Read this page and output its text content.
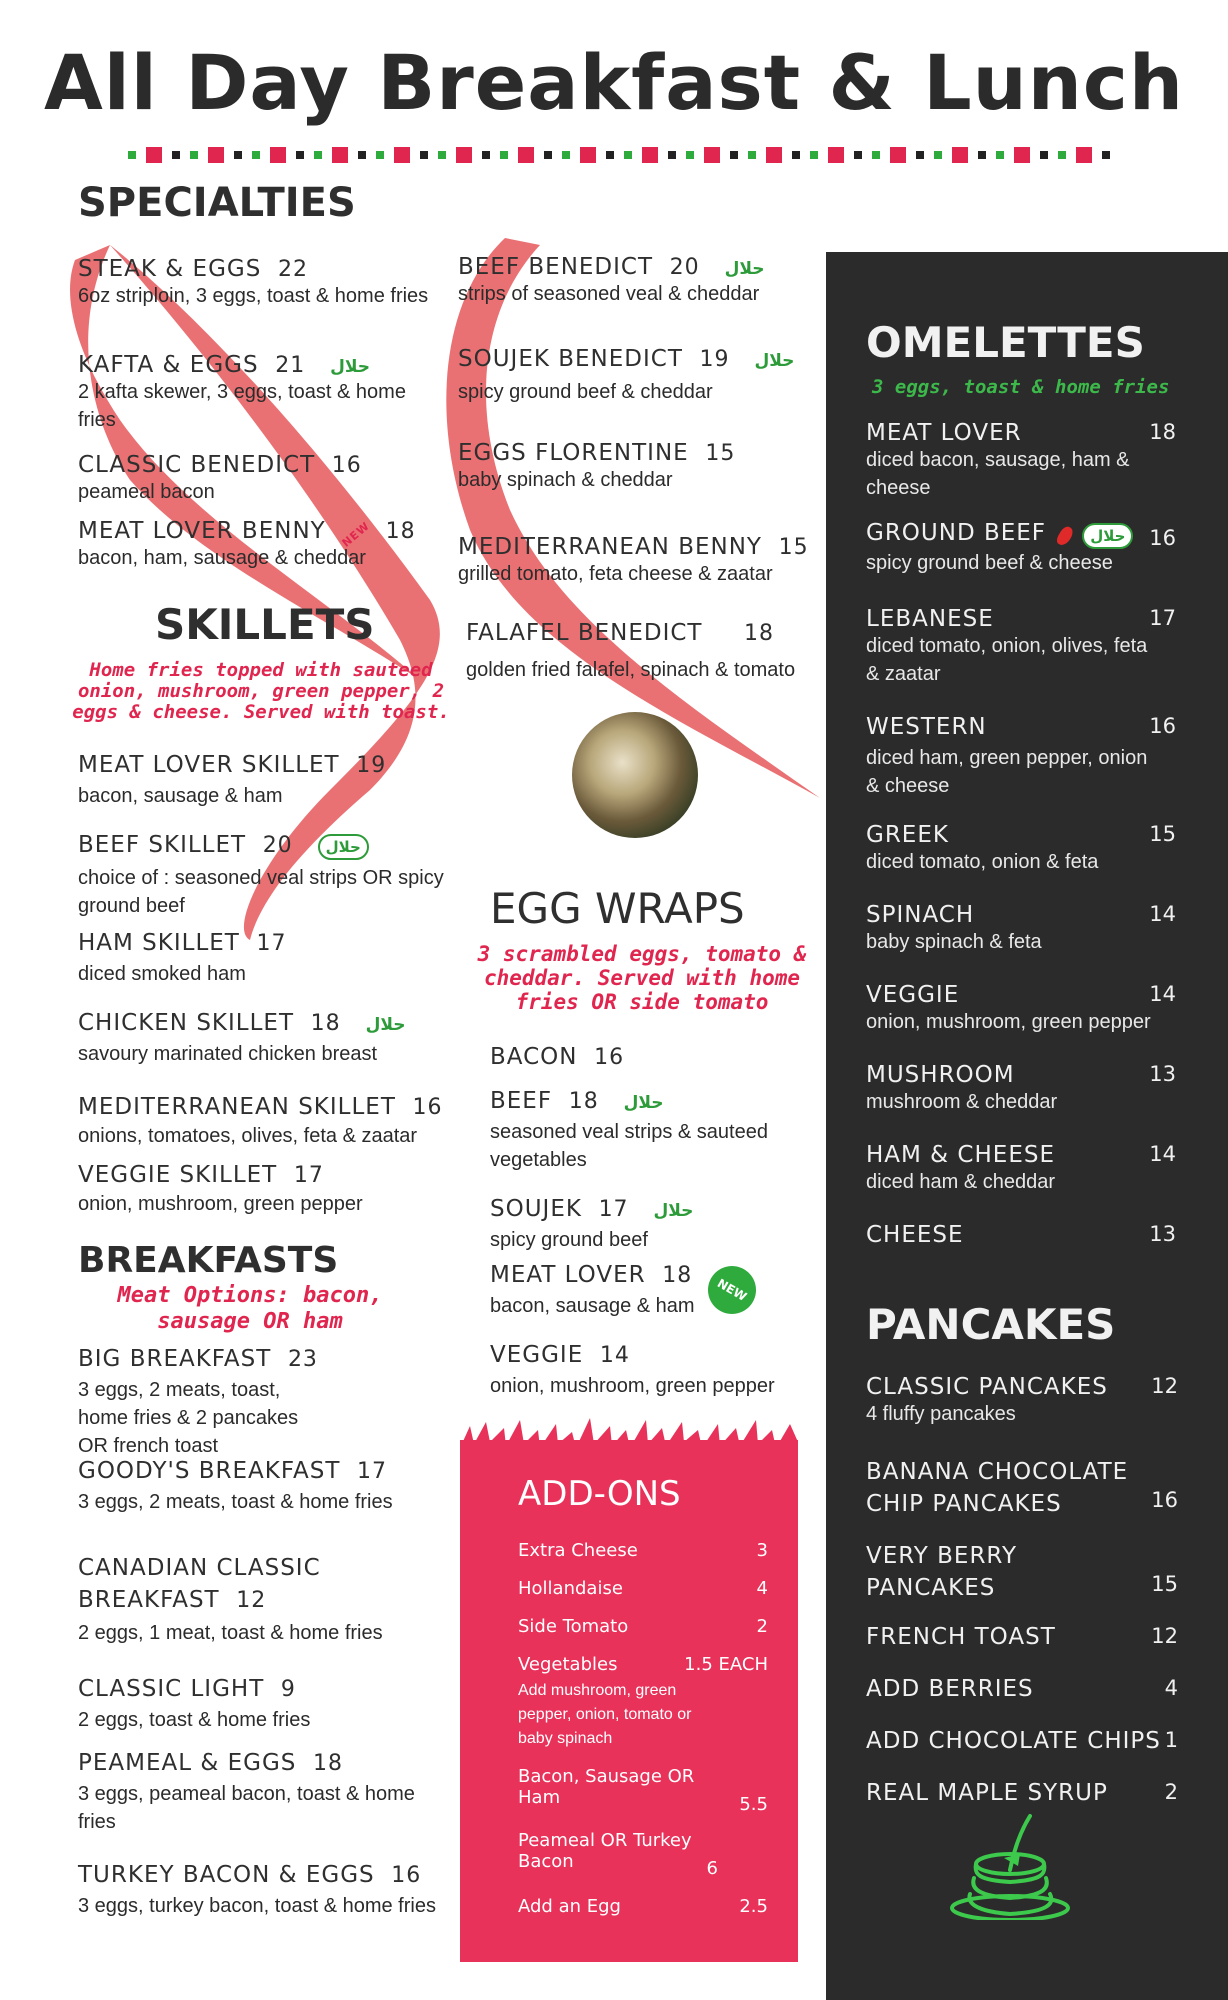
All Day Breakfast & Lunch
SPECIALTIES
STEAK & EGGS 22
6oz striploin, 3 eggs, toast & home fries
KAFTA & EGGS 21 حلال
2 kafta skewer, 3 eggs, toast & home fries
CLASSIC BENEDICT 16
peameal bacon
MEAT LOVER BENNY NEW 18
bacon, ham, sausage & cheddar
BEEF BENEDICT 20 حلال
strips of seasoned veal & cheddar
SOUJEK BENEDICT 19 حلال
spicy ground beef & cheddar
EGGS FLORENTINE 15
baby spinach & cheddar
MEDITERRANEAN BENNY 15
grilled tomato, feta cheese & zaatar
FALAFEL BENEDICT 18
golden fried falafel, spinach & tomato
SKILLETS
Home fries topped with sauteed onion, mushroom, green pepper, 2 eggs & cheese. Served with toast.
MEAT LOVER SKILLET 19
bacon, sausage & ham
BEEF SKILLET 20 حلال
choice of : seasoned veal strips OR spicy ground beef
HAM SKILLET 17
diced smoked ham
CHICKEN SKILLET 18 حلال
savoury marinated chicken breast
MEDITERRANEAN SKILLET 16
onions, tomatoes, olives, feta & zaatar
VEGGIE SKILLET 17
onion, mushroom, green pepper
BREAKFASTS
Meat Options: bacon, sausage OR ham
BIG BREAKFAST 23
3 eggs, 2 meats, toast, home fries & 2 pancakes OR french toast
GOODY'S BREAKFAST 17
3 eggs, 2 meats, toast & home fries
CANADIAN CLASSIC BREAKFAST 12
2 eggs, 1 meat, toast & home fries
CLASSIC LIGHT 9
2 eggs, toast & home fries
PEAMEAL & EGGS 18
3 eggs, peameal bacon, toast & home fries
TURKEY BACON & EGGS 16
3 eggs, turkey bacon, toast & home fries
EGG WRAPS
3 scrambled eggs, tomato & cheddar. Served with home fries OR side tomato
BACON 16
BEEF 18 حلال
seasoned veal strips & sauteed vegetables
SOUJEK 17 حلال
spicy ground beef
MEAT LOVER 18
bacon, sausage & ham
NEW
VEGGIE 14
onion, mushroom, green pepper
ADD-ONS
Extra Cheese	3
Hollandaise	4
Side Tomato	2
Vegetables	1.5 EACH
Add mushroom, green pepper, onion, tomato or baby spinach
Bacon, Sausage OR Ham	5.5
Peameal OR Turkey Bacon	6
Add an Egg	2.5
OMELETTES
3 eggs, toast & home fries
MEAT LOVER	18
diced bacon, sausage, ham & cheese
GROUND BEEF	حلال 16
spicy ground beef & cheese
LEBANESE	17
diced tomato, onion, olives, feta & zaatar
WESTERN	16
diced ham, green pepper, onion & cheese
GREEK	15
diced tomato, onion & feta
SPINACH	14
baby spinach & feta
VEGGIE	14
onion, mushroom, green pepper
MUSHROOM	13
mushroom & cheddar
HAM & CHEESE	14
diced ham & cheddar
CHEESE	13
PANCAKES
CLASSIC PANCAKES 12
4 fluffy pancakes
BANANA CHOCOLATE CHIP PANCAKES	16
VERY BERRY PANCAKES	15
FRENCH TOAST	12
ADD BERRIES	4
ADD CHOCOLATE CHIPS 1
REAL MAPLE SYRUP	2
